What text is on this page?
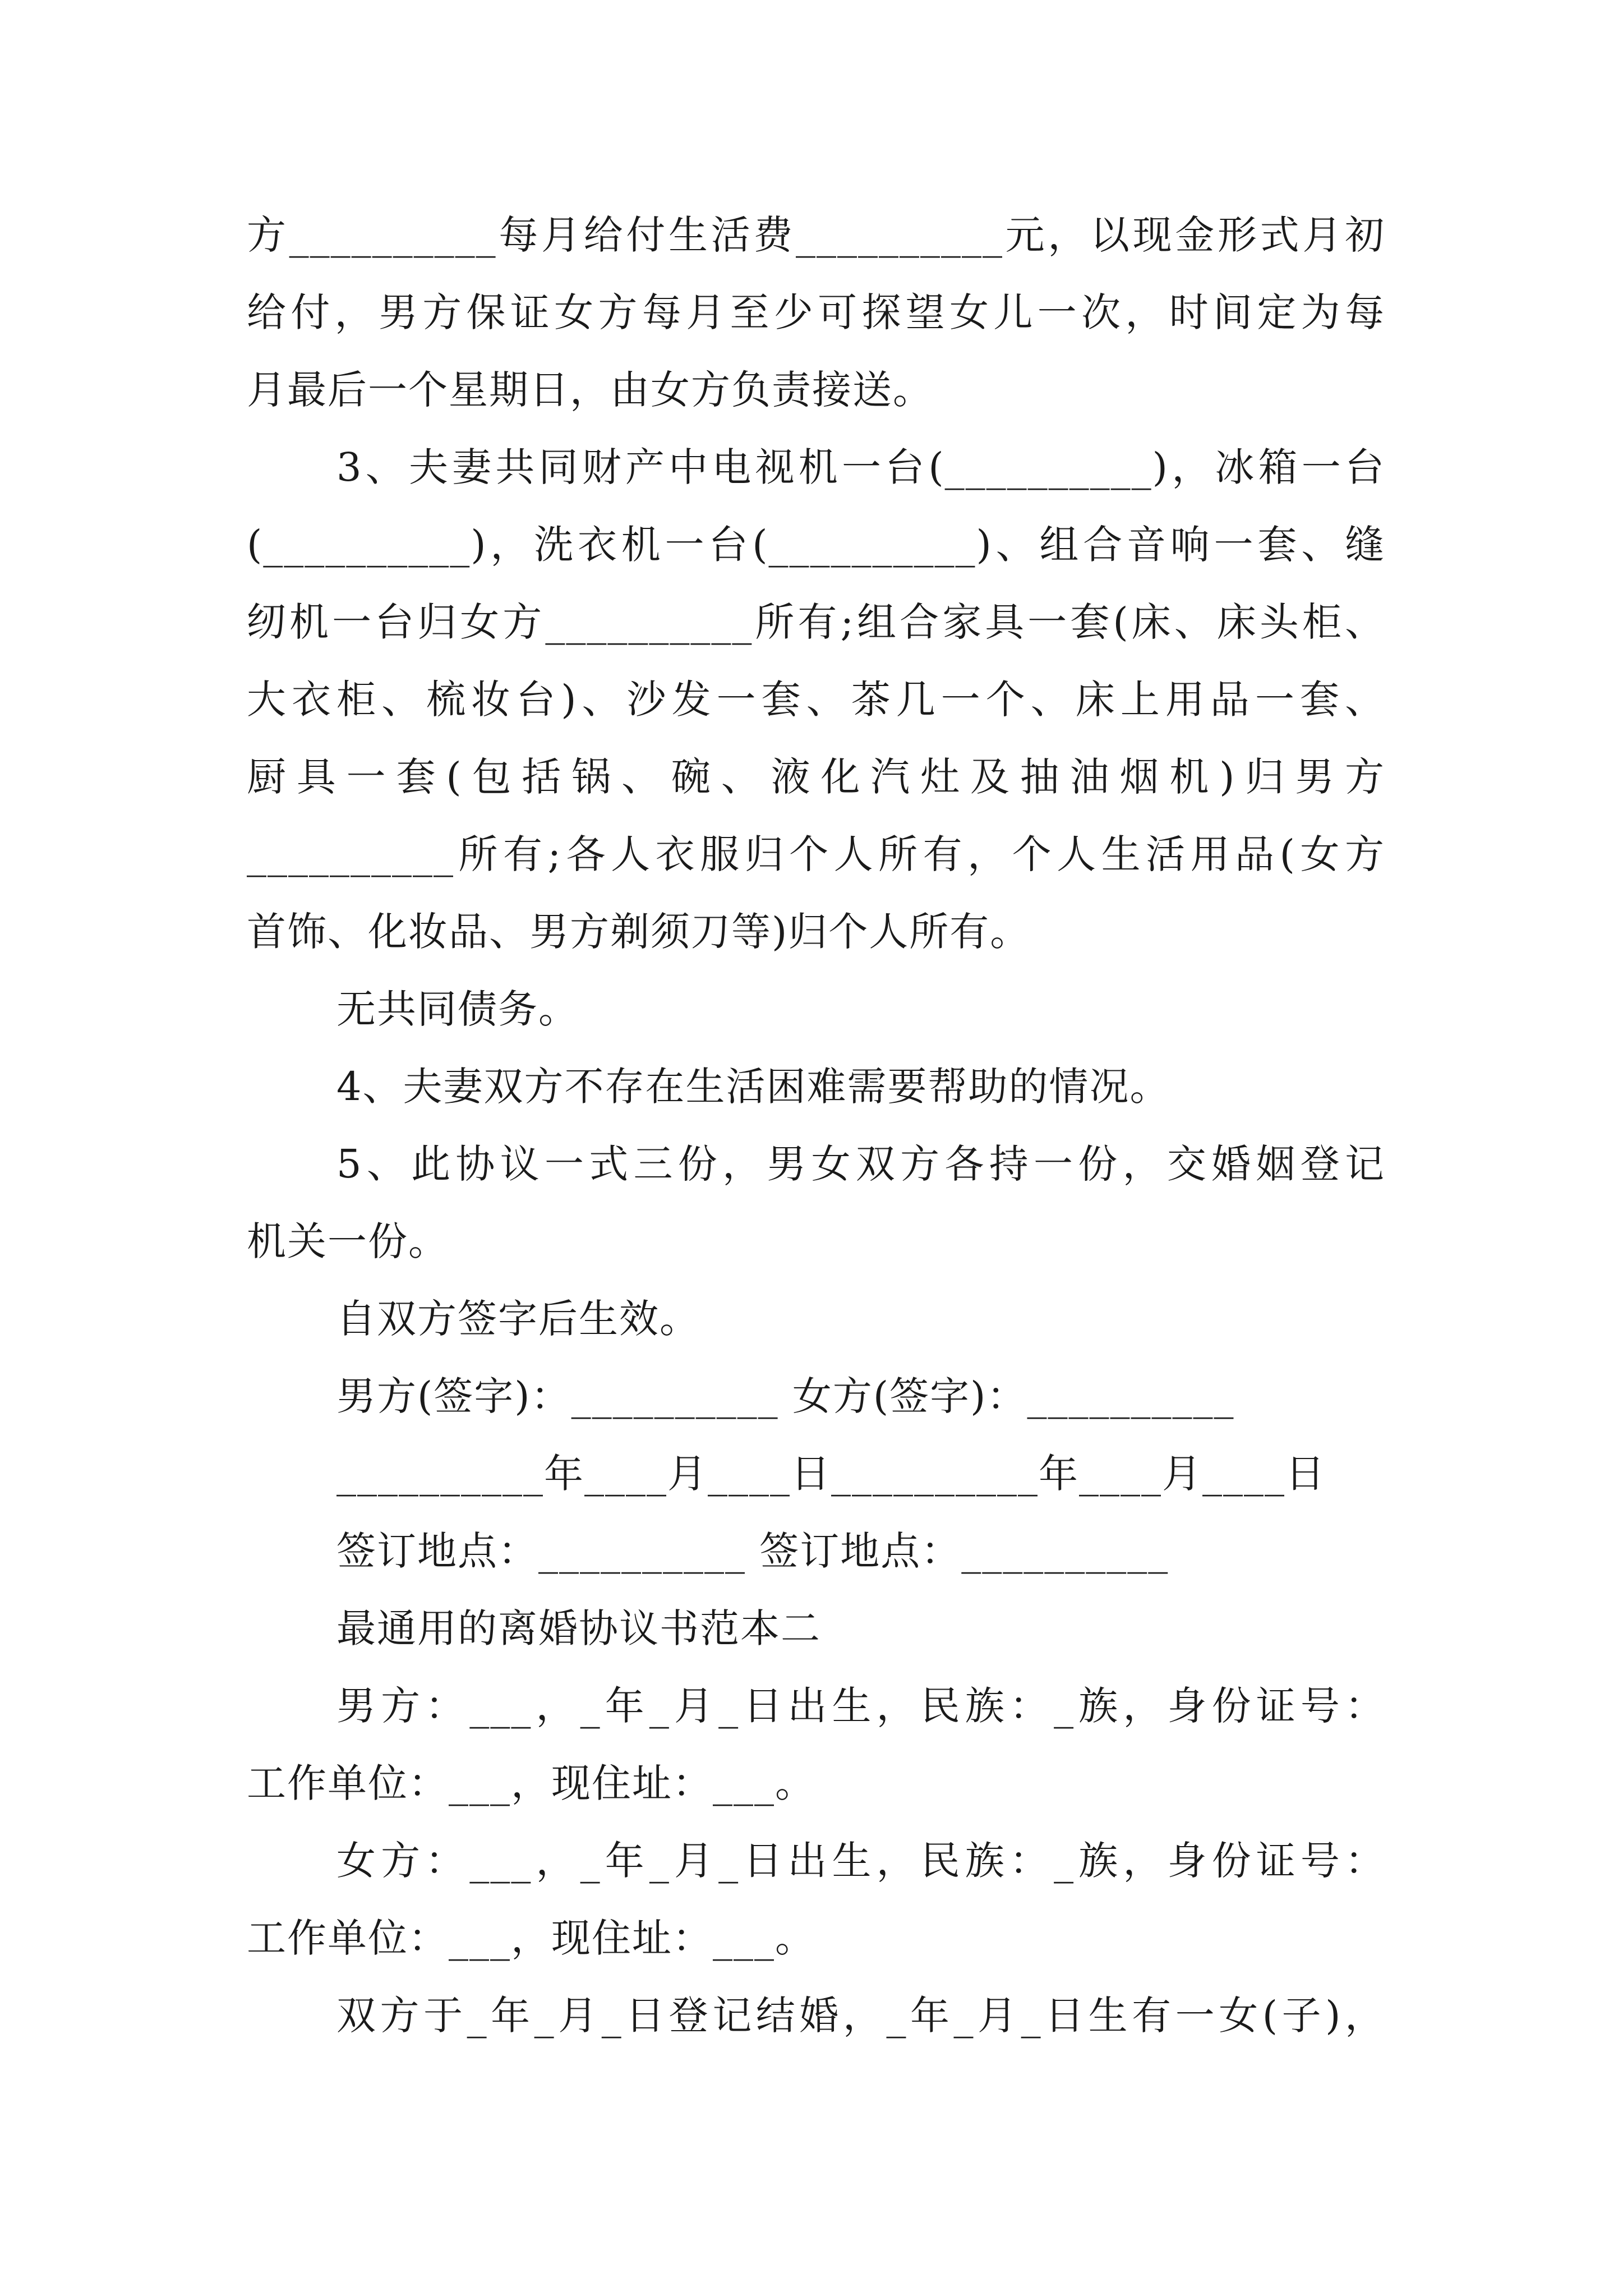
方__________每月给付生活费__________元，以现金形式月初
给付，男方保证女方每月至少可探望女儿一次，时间定为每
月最后一个星期日，由女方负责接送。
3、夫妻共同财产中电视机一台(__________)，冰箱一台
(__________)，洗衣机一台(__________)、组合音响一套、缝
纫机一台归女方__________所有;组合家具一套(床、床头柜、
大衣柜、梳妆台)、沙发一套、茶几一个、床上用品一套、
厨具一套(包括锅、碗、液化汽灶及抽油烟机)归男方
__________所有;各人衣服归个人所有，个人生活用品(女方
首饰、化妆品、男方剃须刀等)归个人所有。
无共同债务。
4、夫妻双方不存在生活困难需要帮助的情况。
5、此协议一式三份，男女双方各持一份，交婚姻登记
机关一份。
自双方签字后生效。
男方(签字)：__________ 女方(签字)：__________
__________年____月____日__________年____月____日
签订地点：__________ 签订地点：__________
最通用的离婚协议书范本二
男方：___，_年_月_日出生，民族：_族，身份证号：
工作单位：___，现住址：___。
女方：___，_年_月_日出生，民族：_族，身份证号：
工作单位：___，现住址：___。
双方于_年_月_日登记结婚，_年_月_日生有一女(子)，
